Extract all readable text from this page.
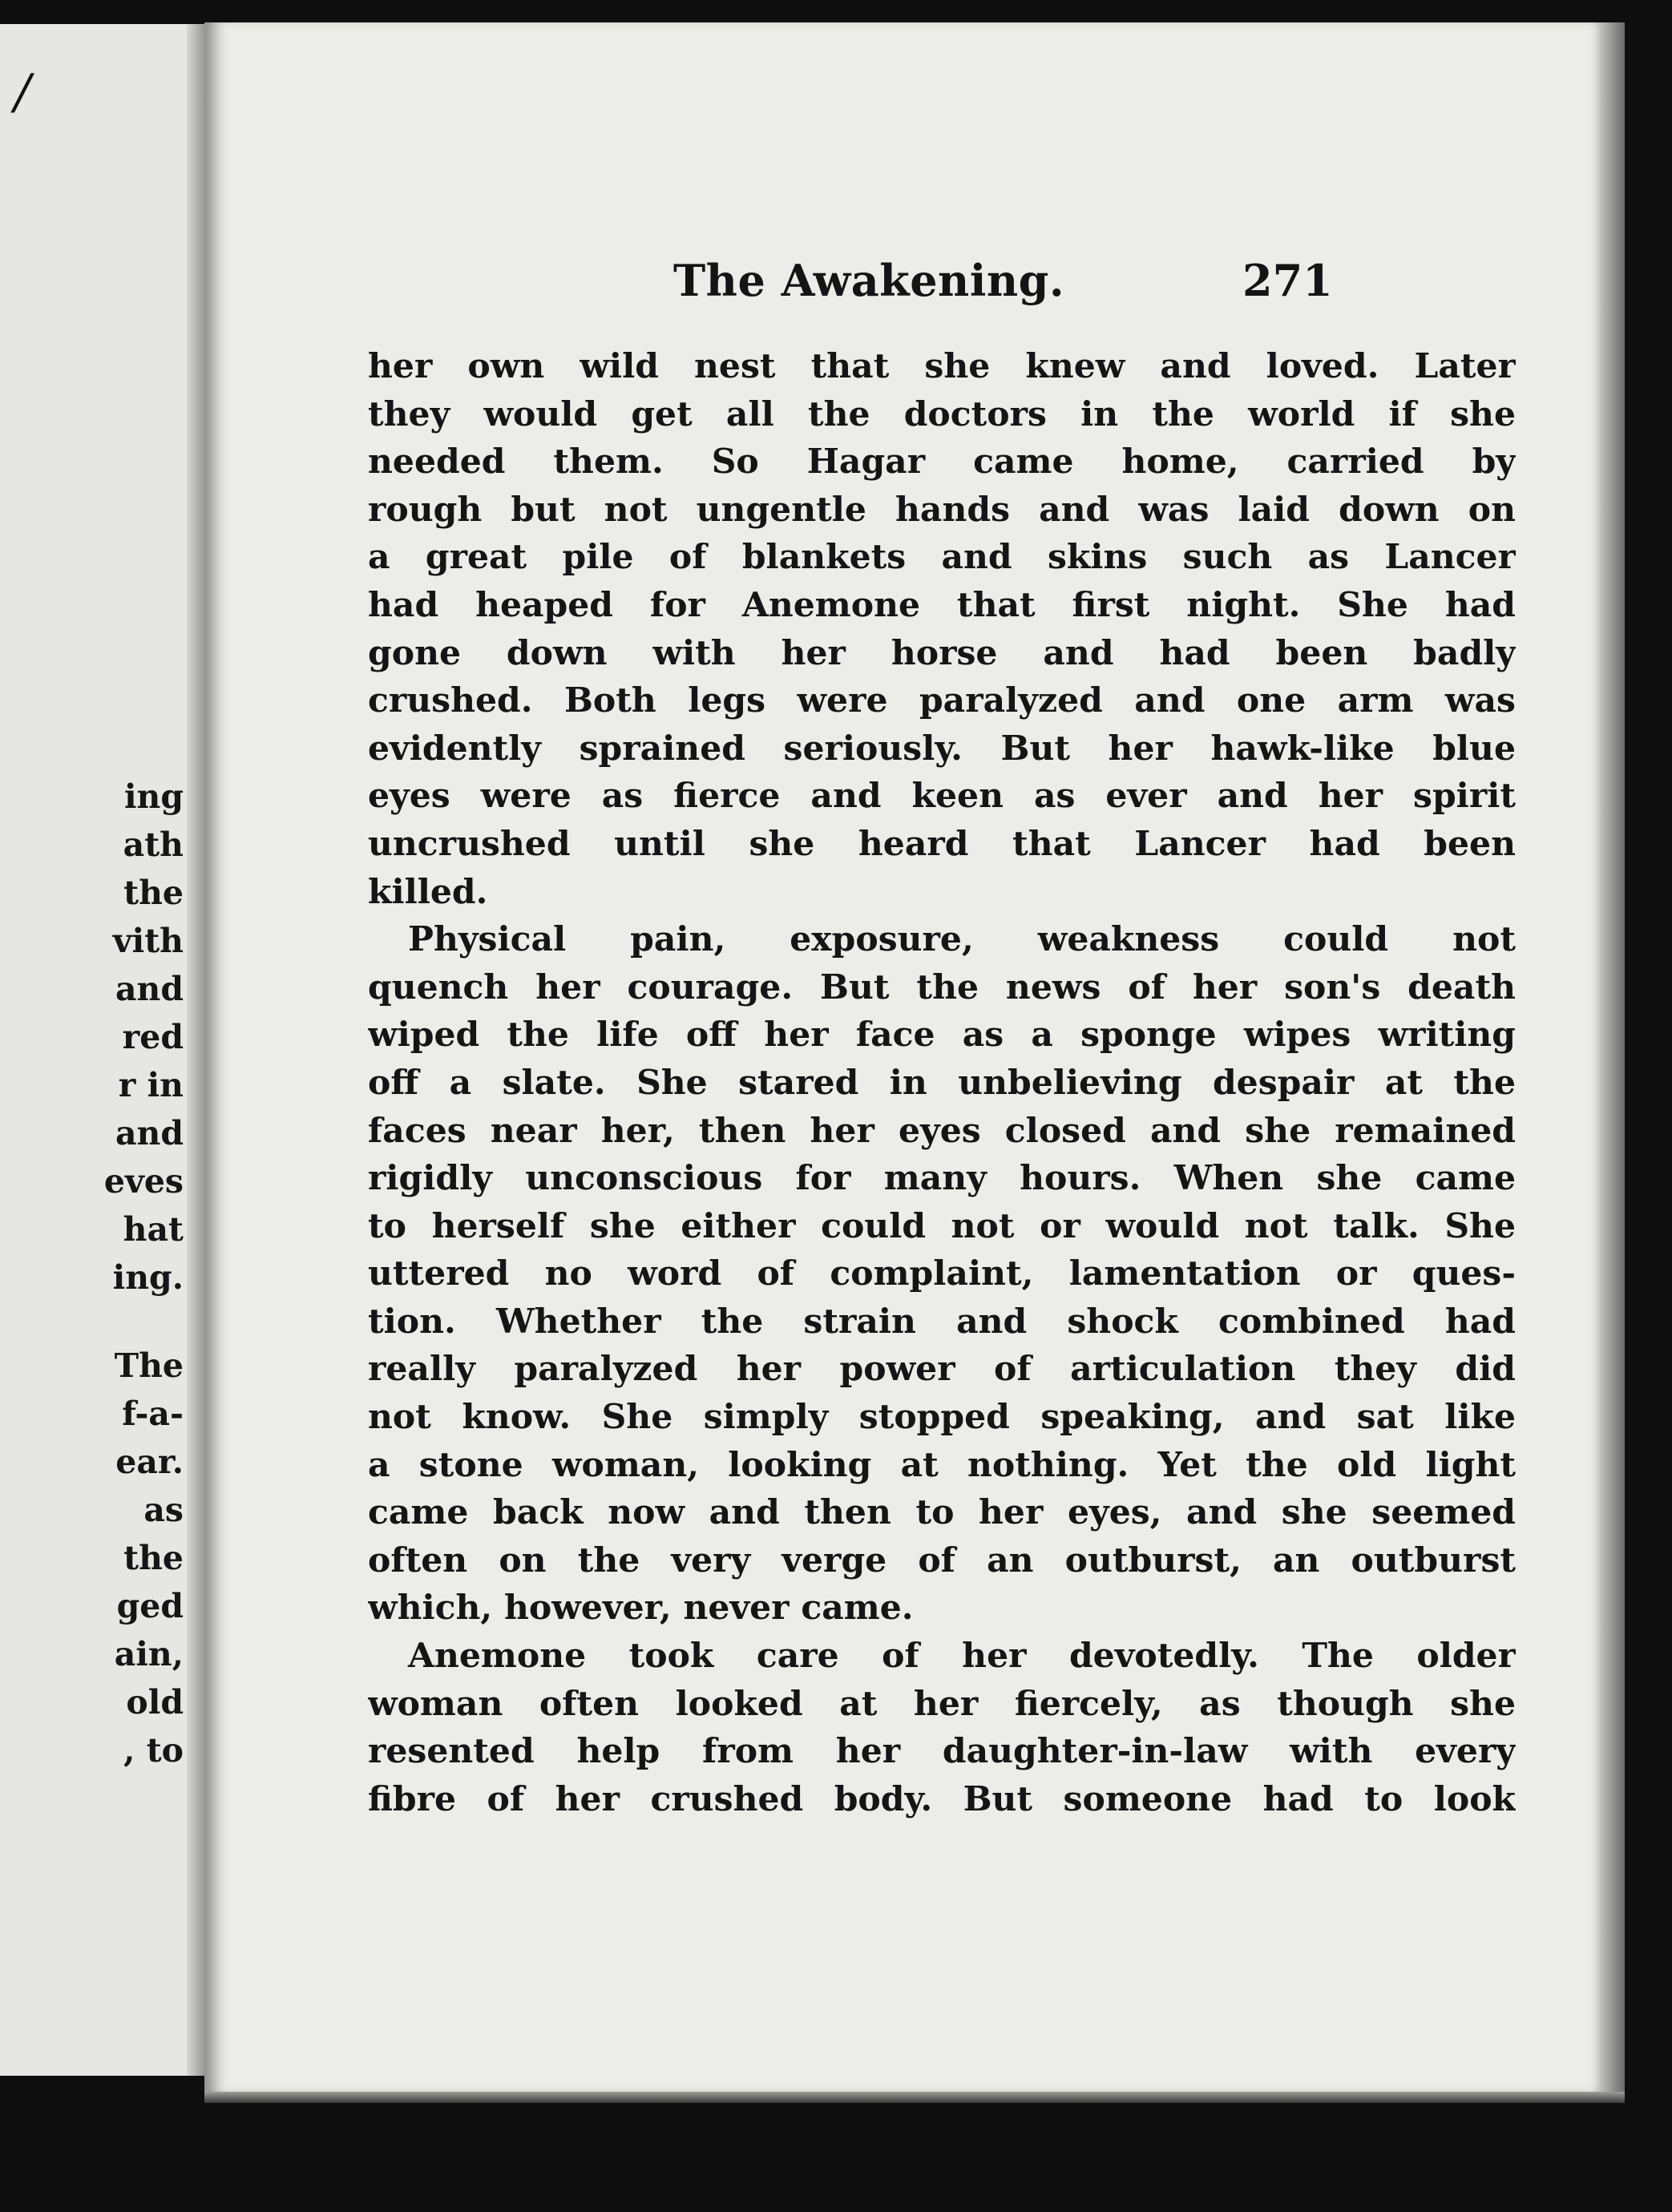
/

ing
ath
the
vith
and
red
r in
and
eves
hat
ing.
The
f-a-
ear.
as
the
ged
ain,
old
, to
The Awakening.	271
her own wild nest that she knew and loved. Later
they would get all the doctors in the world if she
needed them. So Hagar came home, carried by
rough but not ungentle hands and was laid down on
a great pile of blankets and skins such as Lancer
had heaped for Anemone that first night. She had
gone down with her horse and had been badly
crushed. Both legs were paralyzed and one arm was
evidently sprained seriously. But her hawk-like blue
eyes were as fierce and keen as ever and her spirit
uncrushed until she heard that Lancer had been
killed.
Physical pain, exposure, weakness could not
quench her courage. But the news of her son's death
wiped the life off her face as a sponge wipes writing
off a slate. She stared in unbelieving despair at the
faces near her, then her eyes closed and she remained
rigidly unconscious for many hours. When she came
to herself she either could not or would not talk. She
uttered no word of complaint, lamentation or ques-
tion. Whether the strain and shock combined had
really paralyzed her power of articulation they did
not know. She simply stopped speaking, and sat like
a stone woman, looking at nothing. Yet the old light
came back now and then to her eyes, and she seemed
often on the very verge of an outburst, an outburst
which, however, never came.
Anemone took care of her devotedly. The older
woman often looked at her fiercely, as though she
resented help from her daughter-in-law with every
fibre of her crushed body. But someone had to look
